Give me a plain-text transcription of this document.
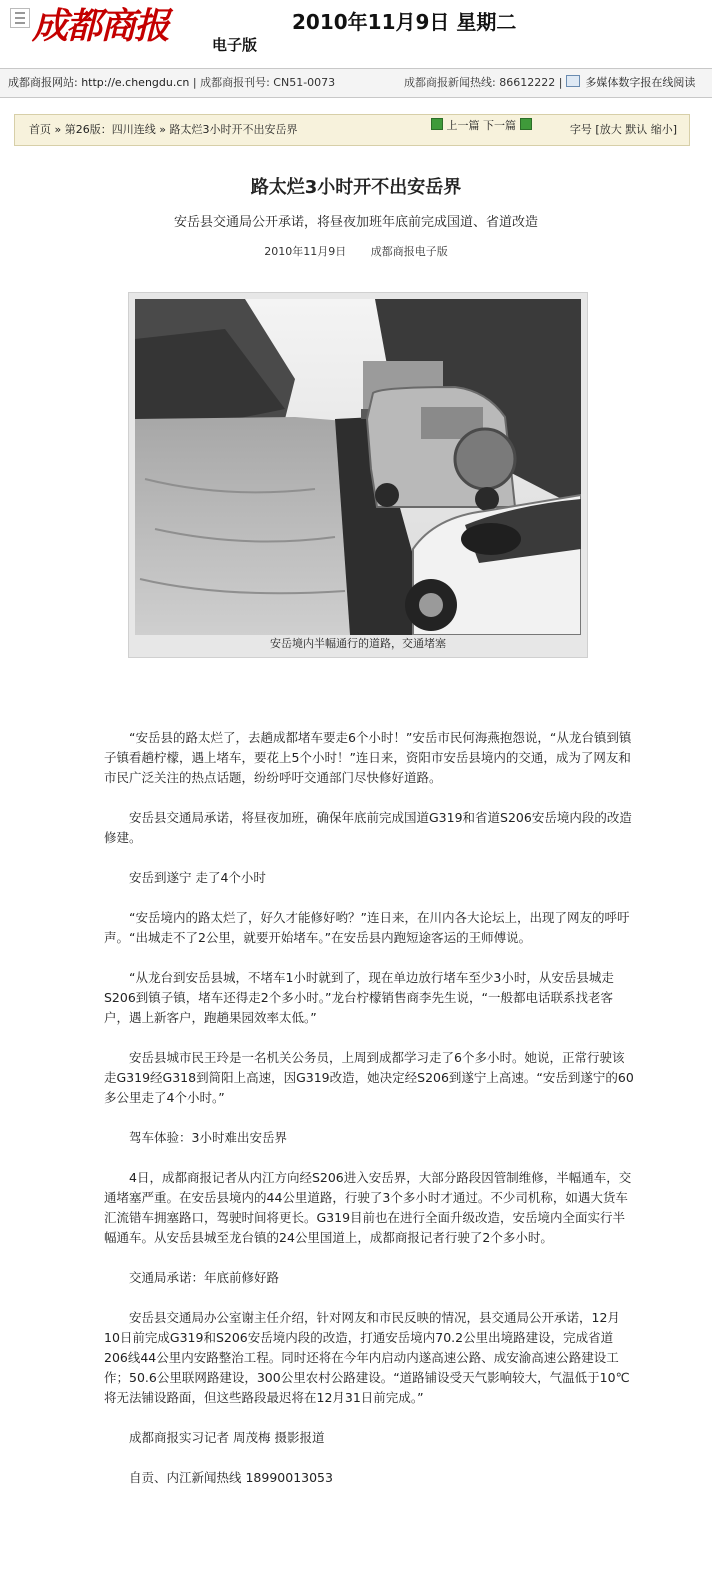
成都商报	电子版
2010年11月9日 星期二
成都商报网站: http://e.chengdu.cn | 成都商报刊号: CN51-0073	成都商报新闻热线: 86612222 |  多媒体数字报在线阅读
首页 » 第26版：四川连线 » 路太烂3小时开不出安岳界	上一篇 下一篇	字号 [放大 默认 缩小]
路太烂3小时开不出安岳界
安岳县交通局公开承诺，将昼夜加班年底前完成国道、省道改造
2010年11月9日 成都商报电子版
安岳境内半幅通行的道路，交通堵塞

“安岳县的路太烂了，去趟成都堵车要走6个小时！”安岳市民何海燕抱怨说，“从龙台镇到镇子镇看趟柠檬，遇上堵车，要花上5个小时！”连日来，资阳市安岳县境内的交通，成为了网友和市民广泛关注的热点话题，纷纷呼吁交通部门尽快修好道路。

安岳县交通局承诺，将昼夜加班，确保年底前完成国道G319和省道S206安岳境内段的改造修建。

安岳到遂宁 走了4个小时

“安岳境内的路太烂了，好久才能修好哟？”连日来，在川内各大论坛上，出现了网友的呼吁声。“出城走不了2公里，就要开始堵车。”在安岳县内跑短途客运的王师傅说。

“从龙台到安岳县城，不堵车1小时就到了，现在单边放行堵车至少3小时，从安岳县城走S206到镇子镇，堵车还得走2个多小时。”龙台柠檬销售商李先生说，“一般都电话联系找老客户，遇上新客户，跑趟果园效率太低。”

安岳县城市民王玲是一名机关公务员，上周到成都学习走了6个多小时。她说，正常行驶该走G319经G318到简阳上高速，因G319改造，她决定经S206到遂宁上高速。“安岳到遂宁的60多公里走了4个小时。”

驾车体验：3小时难出安岳界

4日，成都商报记者从内江方向经S206进入安岳界，大部分路段因管制维修，半幅通车，交通堵塞严重。在安岳县境内的44公里道路，行驶了3个多小时才通过。不少司机称，如遇大货车汇流错车拥塞路口，驾驶时间将更长。G319目前也在进行全面升级改造，安岳境内全面实行半幅通车。从安岳县城至龙台镇的24公里国道上，成都商报记者行驶了2个多小时。

交通局承诺：年底前修好路

安岳县交通局办公室谢主任介绍，针对网友和市民反映的情况，县交通局公开承诺，12月10日前完成G319和S206安岳境内段的改造，打通安岳境内70.2公里出境路建设，完成省道206线44公里内安路整治工程。同时还将在今年内启动内遂高速公路、成安渝高速公路建设工作；50.6公里联网路建设，300公里农村公路建设。“道路铺设受天气影响较大，气温低于10℃将无法铺设路面，但这些路段最迟将在12月31日前完成。”

成都商报实习记者 周茂梅 摄影报道

自贡、内江新闻热线 18990013053
